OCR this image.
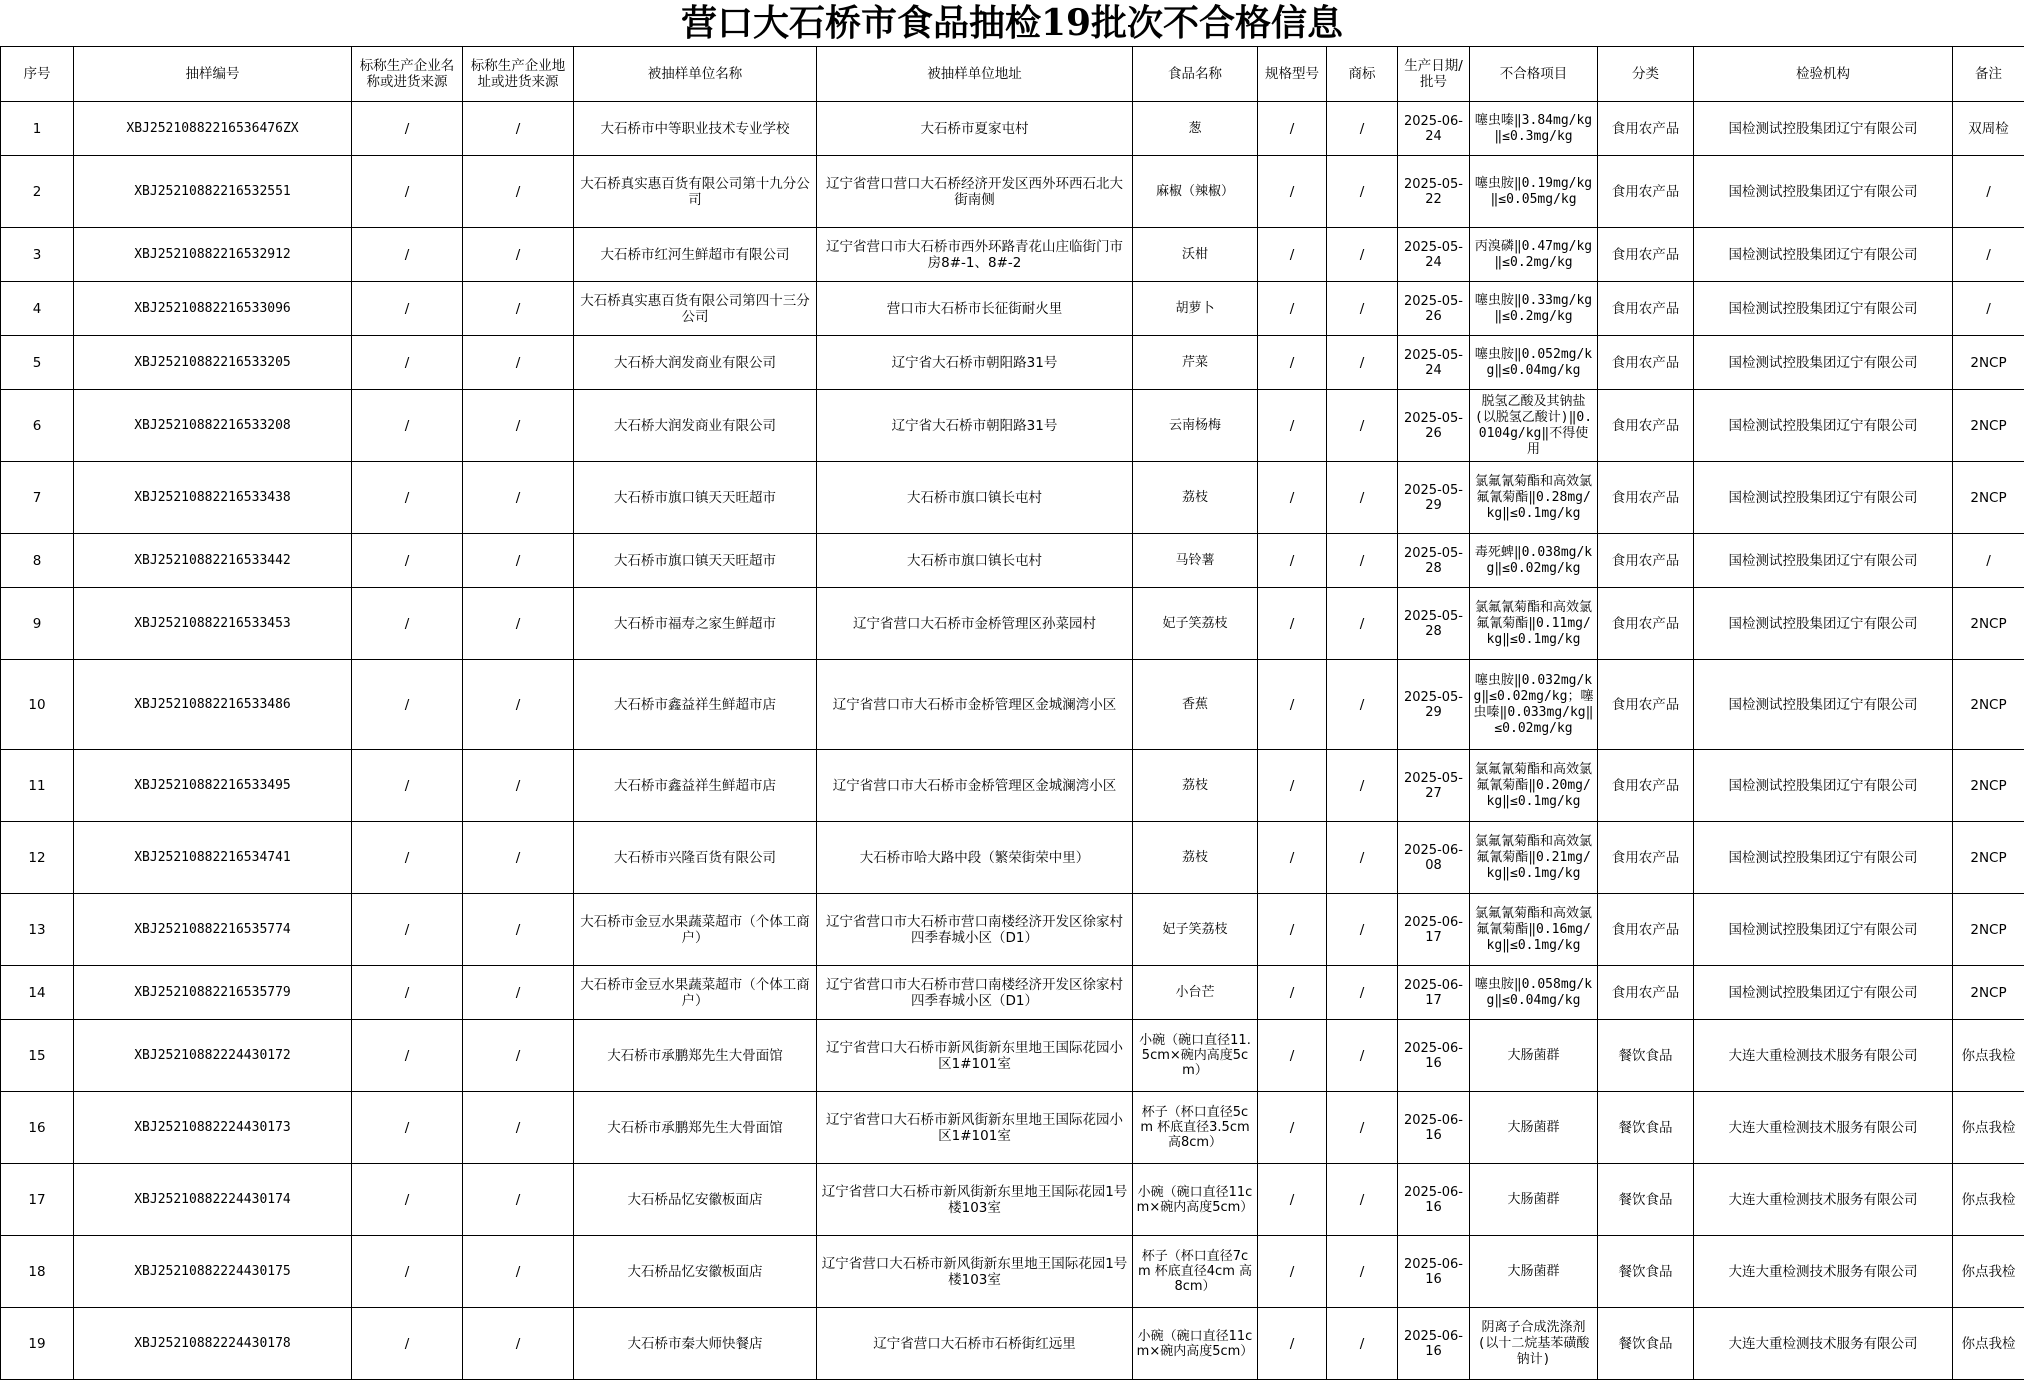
营口大石桥市食品抽检19批次不合格信息
序号	抽样编号	标称生产企业名称或进货来源	标称生产企业地址或进货来源	被抽样单位名称	被抽样单位地址	食品名称	规格型号	商标	生产日期/批号	不合格项目	分类	检验机构	备注
1	XBJ25210882216536476ZX	/	/	大石桥市中等职业技术专业学校	大石桥市夏家屯村	葱	/	/	2025-06-24	噻虫嗪‖3.84mg/kg‖≤0.3mg/kg	食用农产品	国检测试控股集团辽宁有限公司	双周检
2	XBJ25210882216532551	/	/	大石桥真实惠百货有限公司第十九分公司	辽宁省营口营口大石桥经济开发区西外环西石北大街南侧	麻椒（辣椒）	/	/	2025-05-22	噻虫胺‖0.19mg/kg‖≤0.05mg/kg	食用农产品	国检测试控股集团辽宁有限公司	/
3	XBJ25210882216532912	/	/	大石桥市红河生鲜超市有限公司	辽宁省营口市大石桥市西外环路青花山庄临街门市房8#-1、8#-2	沃柑	/	/	2025-05-24	丙溴磷‖0.47mg/kg‖≤0.2mg/kg	食用农产品	国检测试控股集团辽宁有限公司	/
4	XBJ25210882216533096	/	/	大石桥真实惠百货有限公司第四十三分公司	营口市大石桥市长征街耐火里	胡萝卜	/	/	2025-05-26	噻虫胺‖0.33mg/kg‖≤0.2mg/kg	食用农产品	国检测试控股集团辽宁有限公司	/
5	XBJ25210882216533205	/	/	大石桥大润发商业有限公司	辽宁省大石桥市朝阳路31号	芹菜	/	/	2025-05-24	噻虫胺‖0.052mg/kg‖≤0.04mg/kg	食用农产品	国检测试控股集团辽宁有限公司	2NCP
6	XBJ25210882216533208	/	/	大石桥大润发商业有限公司	辽宁省大石桥市朝阳路31号	云南杨梅	/	/	2025-05-26	脱氢乙酸及其钠盐(以脱氢乙酸计)‖0.0104g/kg‖不得使用	食用农产品	国检测试控股集团辽宁有限公司	2NCP
7	XBJ25210882216533438	/	/	大石桥市旗口镇天天旺超市	大石桥市旗口镇长屯村	荔枝	/	/	2025-05-29	氯氟氰菊酯和高效氯氟氰菊酯‖0.28mg/kg‖≤0.1mg/kg	食用农产品	国检测试控股集团辽宁有限公司	2NCP
8	XBJ25210882216533442	/	/	大石桥市旗口镇天天旺超市	大石桥市旗口镇长屯村	马铃薯	/	/	2025-05-28	毒死蜱‖0.038mg/kg‖≤0.02mg/kg	食用农产品	国检测试控股集团辽宁有限公司	/
9	XBJ25210882216533453	/	/	大石桥市福寿之家生鲜超市	辽宁省营口大石桥市金桥管理区孙菜园村	妃子笑荔枝	/	/	2025-05-28	氯氟氰菊酯和高效氯氟氰菊酯‖0.11mg/kg‖≤0.1mg/kg	食用农产品	国检测试控股集团辽宁有限公司	2NCP
10	XBJ25210882216533486	/	/	大石桥市鑫益祥生鲜超市店	辽宁省营口市大石桥市金桥管理区金城澜湾小区	香蕉	/	/	2025-05-29	噻虫胺‖0.032mg/kg‖≤0.02mg/kg；噻虫嗪‖0.033mg/kg‖≤0.02mg/kg	食用农产品	国检测试控股集团辽宁有限公司	2NCP
11	XBJ25210882216533495	/	/	大石桥市鑫益祥生鲜超市店	辽宁省营口市大石桥市金桥管理区金城澜湾小区	荔枝	/	/	2025-05-27	氯氟氰菊酯和高效氯氟氰菊酯‖0.20mg/kg‖≤0.1mg/kg	食用农产品	国检测试控股集团辽宁有限公司	2NCP
12	XBJ25210882216534741	/	/	大石桥市兴隆百货有限公司	大石桥市哈大路中段（繁荣街荣中里）	荔枝	/	/	2025-06-08	氯氟氰菊酯和高效氯氟氰菊酯‖0.21mg/kg‖≤0.1mg/kg	食用农产品	国检测试控股集团辽宁有限公司	2NCP
13	XBJ25210882216535774	/	/	大石桥市金豆水果蔬菜超市（个体工商户）	辽宁省营口市大石桥市营口南楼经济开发区徐家村四季春城小区（D1）	妃子笑荔枝	/	/	2025-06-17	氯氟氰菊酯和高效氯氟氰菊酯‖0.16mg/kg‖≤0.1mg/kg	食用农产品	国检测试控股集团辽宁有限公司	2NCP
14	XBJ25210882216535779	/	/	大石桥市金豆水果蔬菜超市（个体工商户）	辽宁省营口市大石桥市营口南楼经济开发区徐家村四季春城小区（D1）	小台芒	/	/	2025-06-17	噻虫胺‖0.058mg/kg‖≤0.04mg/kg	食用农产品	国检测试控股集团辽宁有限公司	2NCP
15	XBJ25210882224430172	/	/	大石桥市承鹏郑先生大骨面馆	辽宁省营口大石桥市新风街新东里地王国际花园小区1#101室	小碗（碗口直径11.5cm×碗内高度5cm）	/	/	2025-06-16	大肠菌群	餐饮食品	大连大重检测技术服务有限公司	你点我检
16	XBJ25210882224430173	/	/	大石桥市承鹏郑先生大骨面馆	辽宁省营口大石桥市新风街新东里地王国际花园小区1#101室	杯子（杯口直径5cm 杯底直径3.5cm 高8cm）	/	/	2025-06-16	大肠菌群	餐饮食品	大连大重检测技术服务有限公司	你点我检
17	XBJ25210882224430174	/	/	大石桥品忆安徽板面店	辽宁省营口大石桥市新风街新东里地王国际花园1号楼103室	小碗（碗口直径11cm×碗内高度5cm）	/	/	2025-06-16	大肠菌群	餐饮食品	大连大重检测技术服务有限公司	你点我检
18	XBJ25210882224430175	/	/	大石桥品忆安徽板面店	辽宁省营口大石桥市新风街新东里地王国际花园1号楼103室	杯子（杯口直径7cm 杯底直径4cm 高8cm）	/	/	2025-06-16	大肠菌群	餐饮食品	大连大重检测技术服务有限公司	你点我检
19	XBJ25210882224430178	/	/	大石桥市秦大师快餐店	辽宁省营口大石桥市石桥街红远里	小碗（碗口直径11cm×碗内高度5cm）	/	/	2025-06-16	阴离子合成洗涤剂(以十二烷基苯磺酸钠计)	餐饮食品	大连大重检测技术服务有限公司	你点我检
